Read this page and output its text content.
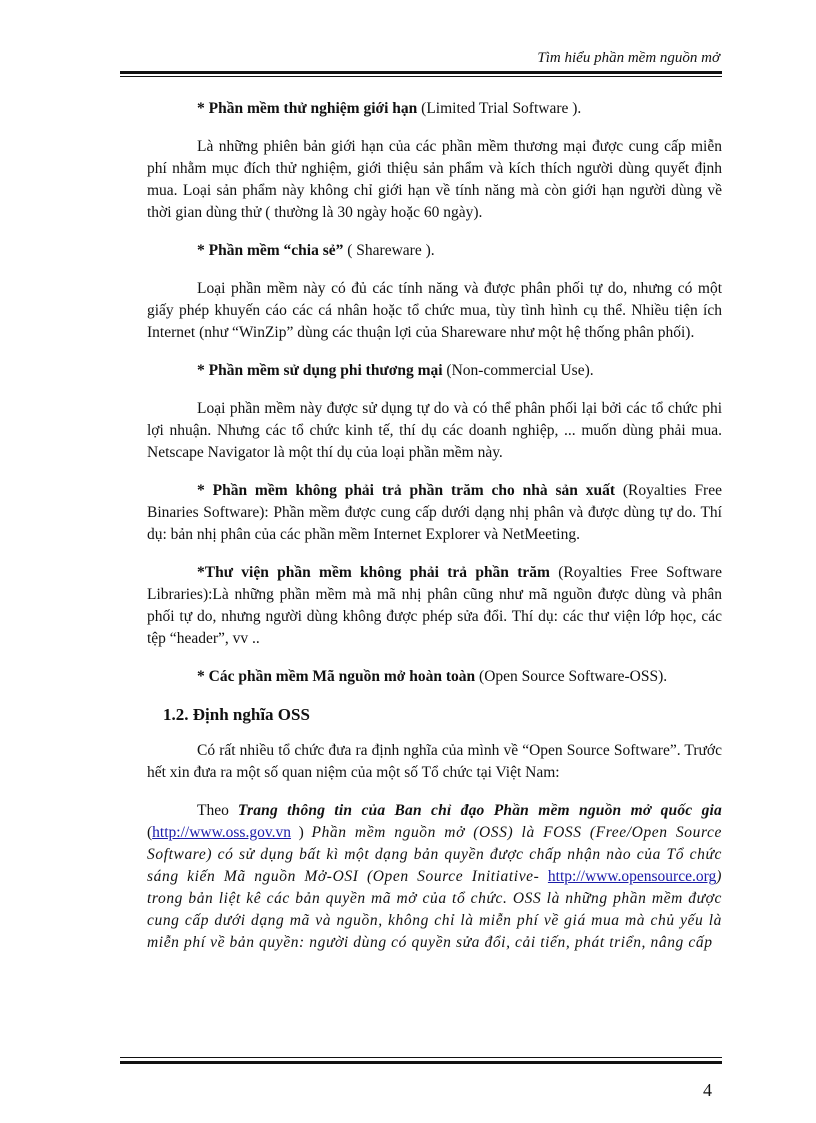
Tìm hiểu phần mềm nguồn mở

* Phần mềm thử nghiệm giới hạn (Limited Trial Software ).

Là những phiên bản giới hạn của các phần mềm thương mại được cung cấp miễn phí nhằm mục đích thử nghiệm, giới thiệu sản phẩm và kích thích người dùng quyết định mua. Loại sản phẩm này không chỉ giới hạn về tính năng mà còn giới hạn người dùng về thời gian dùng thử ( thường là 30 ngày hoặc 60 ngày).

* Phần mềm “chia sẻ” ( Shareware ).

Loại phần mềm này có đủ các tính năng và được phân phối tự do, nhưng có một giấy phép khuyến cáo các cá nhân hoặc tổ chức mua, tùy tình hình cụ thể. Nhiều tiện ích Internet (như “WinZip” dùng các thuận lợi của Shareware như một hệ thống phân phối).

* Phần mềm sử dụng phi thương mại (Non-commercial Use).

Loại phần mềm này được sử dụng tự do và có thể phân phối lại bởi các tổ chức phi lợi nhuận. Nhưng các tổ chức kinh tế, thí dụ các doanh nghiệp, ... muốn dùng phải mua. Netscape Navigator là một thí dụ của loại phần mềm này.

* Phần mềm không phải trả phần trăm cho nhà sản xuất (Royalties Free Binaries Software): Phần mềm được cung cấp dưới dạng nhị phân và được dùng tự do. Thí dụ: bản nhị phân của các phần mềm Internet Explorer và NetMeeting.

*Thư viện phần mềm không phải trả phần trăm (Royalties Free Software Libraries):Là những phần mềm mà mã nhị phân cũng như mã nguồn được dùng và phân phối tự do, nhưng người dùng không được phép sửa đổi. Thí dụ: các thư viện lớp học, các tệp “header”, vv ..

* Các phần mềm Mã nguồn mở hoàn toàn (Open Source Software-OSS).

1.2. Định nghĩa OSS

Có rất nhiều tổ chức đưa ra định nghĩa của mình về “Open Source Software”. Trước hết xin đưa ra một số quan niệm của một số Tổ chức tại Việt Nam:

Theo Trang thông tin của Ban chỉ đạo Phần mềm nguồn mở quốc gia (http://www.oss.gov.vn ) Phần mềm nguồn mở (OSS) là FOSS (Free/Open Source Software) có sử dụng bất kì một dạng bản quyền được chấp nhận nào của Tổ chức sáng kiến Mã nguồn Mở-OSI (Open Source Initiative- http://www.opensource.org) trong bản liệt kê các bản quyền mã mở của tổ chức. OSS là những phần mềm được cung cấp dưới dạng mã và nguồn, không chỉ là miễn phí về giá mua mà chủ yếu là miễn phí về bản quyền: người dùng có quyền sửa đổi, cải tiến, phát triển, nâng cấp

4
